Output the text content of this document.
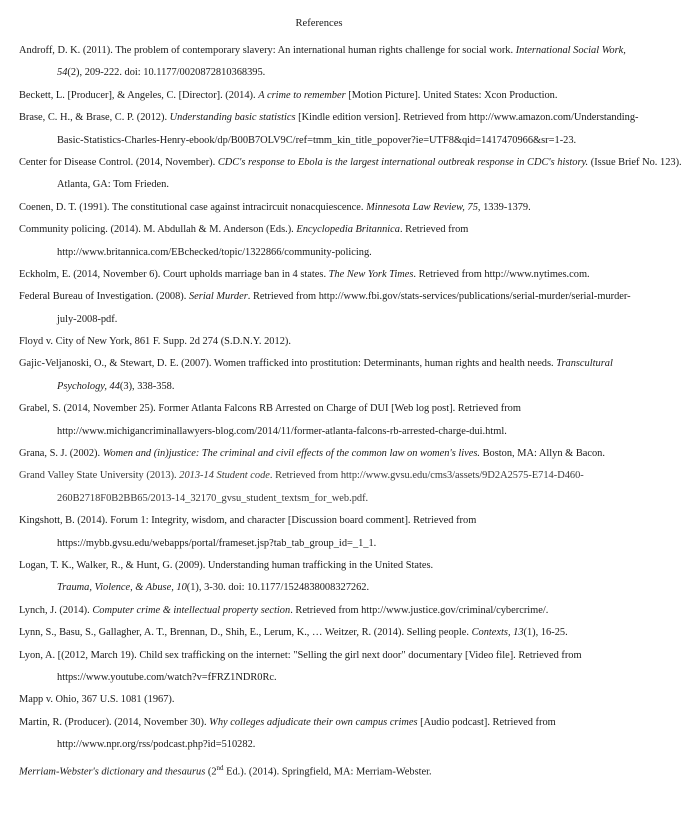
References
Androff, D. K. (2011). The problem of contemporary slavery: An international human rights challenge for social work. International Social Work,
54(2), 209-222. doi: 10.1177/0020872810368395.
Beckett, L. [Producer], & Angeles, C. [Director]. (2014). A crime to remember [Motion Picture]. United States: Xcon Production.
Brase, C. H., & Brase, C. P. (2012). Understanding basic statistics [Kindle edition version]. Retrieved from http://www.amazon.com/Understanding-
Basic-Statistics-Charles-Henry-ebook/dp/B00B7OLV9C/ref=tmm_kin_title_popover?ie=UTF8&qid=1417470966&sr=1-23.
Center for Disease Control. (2014, November). CDC's response to Ebola is the largest international outbreak response in CDC's history. (Issue Brief No. 123).
Atlanta, GA: Tom Frieden.
Coenen, D. T. (1991). The constitutional case against intracircuit nonacquiescence. Minnesota Law Review, 75, 1339-1379.
Community policing. (2014). M. Abdullah & M. Anderson (Eds.). Encyclopedia Britannica. Retrieved from
http://www.britannica.com/EBchecked/topic/1322866/community-policing.
Eckholm, E. (2014, November 6). Court upholds marriage ban in 4 states. The New York Times. Retrieved from http://www.nytimes.com.
Federal Bureau of Investigation. (2008). Serial Murder. Retrieved from http://www.fbi.gov/stats-services/publications/serial-murder/serial-murder-
july-2008-pdf.
Floyd v. City of New York, 861 F. Supp. 2d 274 (S.D.N.Y. 2012).
Gajic-Veljanoski, O., & Stewart, D. E. (2007). Women trafficked into prostitution: Determinants, human rights and health needs. Transcultural
Psychology, 44(3), 338-358.
Grabel, S. (2014, November 25). Former Atlanta Falcons RB Arrested on Charge of DUI [Web log post]. Retrieved from
http://www.michigancriminallawyers-blog.com/2014/11/former-atlanta-falcons-rb-arrested-charge-dui.html.
Grana, S. J. (2002). Women and (in)justice: The criminal and civil effects of the common law on women's lives. Boston, MA: Allyn & Bacon.
Grand Valley State University (2013). 2013-14 Student code. Retrieved from http://www.gvsu.edu/cms3/assets/9D2A2575-E714-D460-
260B2718F0B2BB65/2013-14_32170_gvsu_student_textsm_for_web.pdf.
Kingshott, B. (2014). Forum 1: Integrity, wisdom, and character [Discussion board comment]. Retrieved from
https://mybb.gvsu.edu/webapps/portal/frameset.jsp?tab_tab_group_id=_1_1.
Logan, T. K., Walker, R., & Hunt, G. (2009). Understanding human trafficking in the United States.
Trauma, Violence, & Abuse, 10(1), 3-30. doi: 10.1177/1524838008327262.
Lynch, J. (2014). Computer crime & intellectual property section. Retrieved from http://www.justice.gov/criminal/cybercrime/.
Lynn, S., Basu, S., Gallagher, A. T., Brennan, D., Shih, E., Lerum, K., … Weitzer, R. (2014). Selling people. Contexts, 13(1), 16-25.
Lyon, A. [(2012, March 19). Child sex trafficking on the internet: "Selling the girl next door" documentary [Video file]. Retrieved from
https://www.youtube.com/watch?v=fFRZ1NDR0Rc.
Mapp v. Ohio, 367 U.S. 1081 (1967).
Martin, R. (Producer). (2014, November 30). Why colleges adjudicate their own campus crimes [Audio podcast]. Retrieved from
http://www.npr.org/rss/podcast.php?id=510282.
Merriam-Webster's dictionary and thesaurus (2nd Ed.). (2014). Springfield, MA: Merriam-Webster.
